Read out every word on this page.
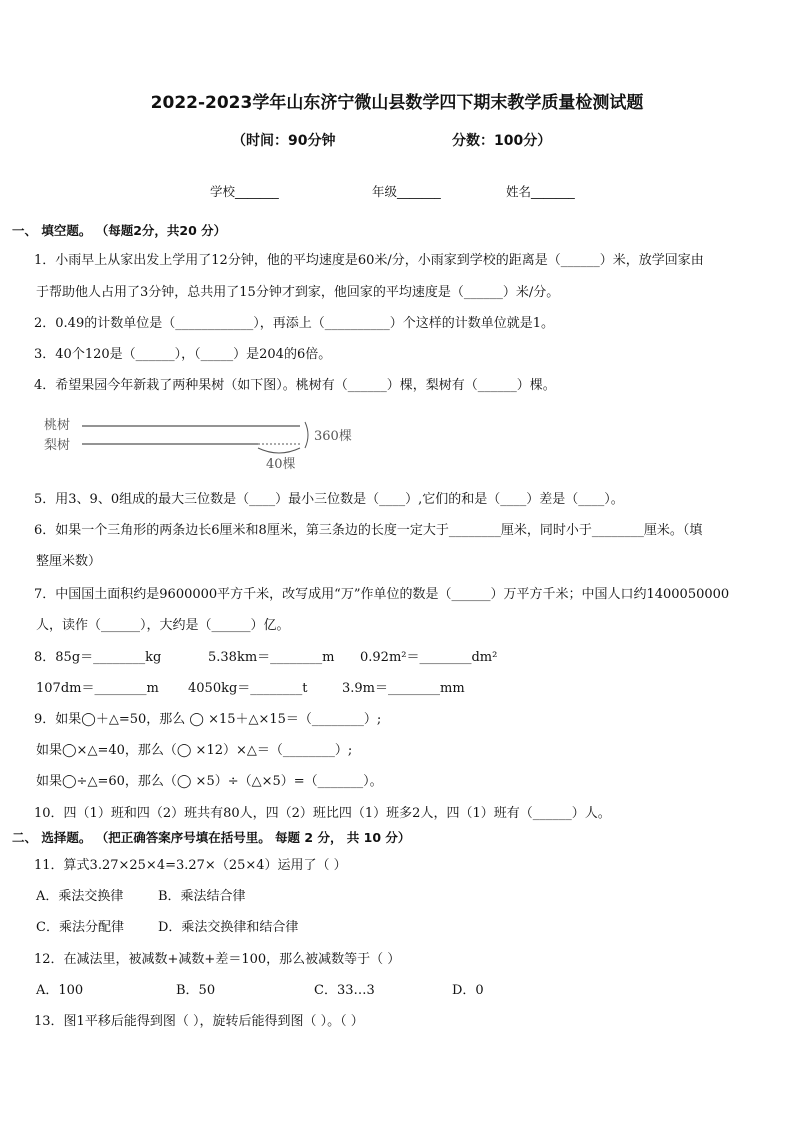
2022-2023学年山东济宁微山县数学四下期末教学质量检测试题
（时间：90分钟	分数：100分）
学校_______	年级_______	姓名_______
一、 填空题。 （每题2分，共20 分）
1．小雨早上从家出发上学用了12分钟，他的平均速度是60米/分，小雨家到学校的距离是（______）米，放学回家由
于帮助他人占用了3分钟，总共用了15分钟才到家，他回家的平均速度是（______）米/分。
2．0.49的计数单位是（____________），再添上（__________）个这样的计数单位就是1。
3．40个120是（______），（_____）是204的6倍。
4．希望果园今年新栽了两种果树（如下图）。桃树有（______）棵，梨树有（______）棵。
桃树
梨树
360棵
40棵
5．用3、9、0组成的最大三位数是（____）最小三位数是（____）,它们的和是（____）差是（____）。
6．如果一个三角形的两条边长6厘米和8厘米，第三条边的长度一定大于________厘米，同时小于________厘米。（填
整厘米数）
7．中国国土面积约是9600000平方千米，改写成用“万”作单位的数是（______）万平方千米；中国人口约1400050000
人，读作（______），大约是（______）亿。
8．85g＝________kg	5.38km＝________m 0.92m²＝________dm²
107dm＝________m 4050kg＝________t	3.9m＝________mm
9．如果◯＋△=50，那么 ◯ ×15＋△×15＝（________）;
如果◯×△=40，那么（◯ ×12）×△＝（________）;
如果◯÷△=60，那么（◯ ×5）÷（△×5）=（_______）。
10．四（1）班和四（2）班共有80人，四（2）班比四（1）班多2人，四（1）班有（______）人。
二、 选择题。 （把正确答案序号填在括号里。 每题 2 分， 共 10 分）
11．算式3.27×25×4=3.27×（25×4）运用了（ ）
A．乘法交换律	B．乘法结合律
C．乘法分配律	D．乘法交换律和结合律
12．在减法里，被减数+减数+差＝100，那么被减数等于（ ）
A．100	B．50	C．33…3	D．0
13．图1平移后能得到图（ ），旋转后能得到图（ ）。（ ）
